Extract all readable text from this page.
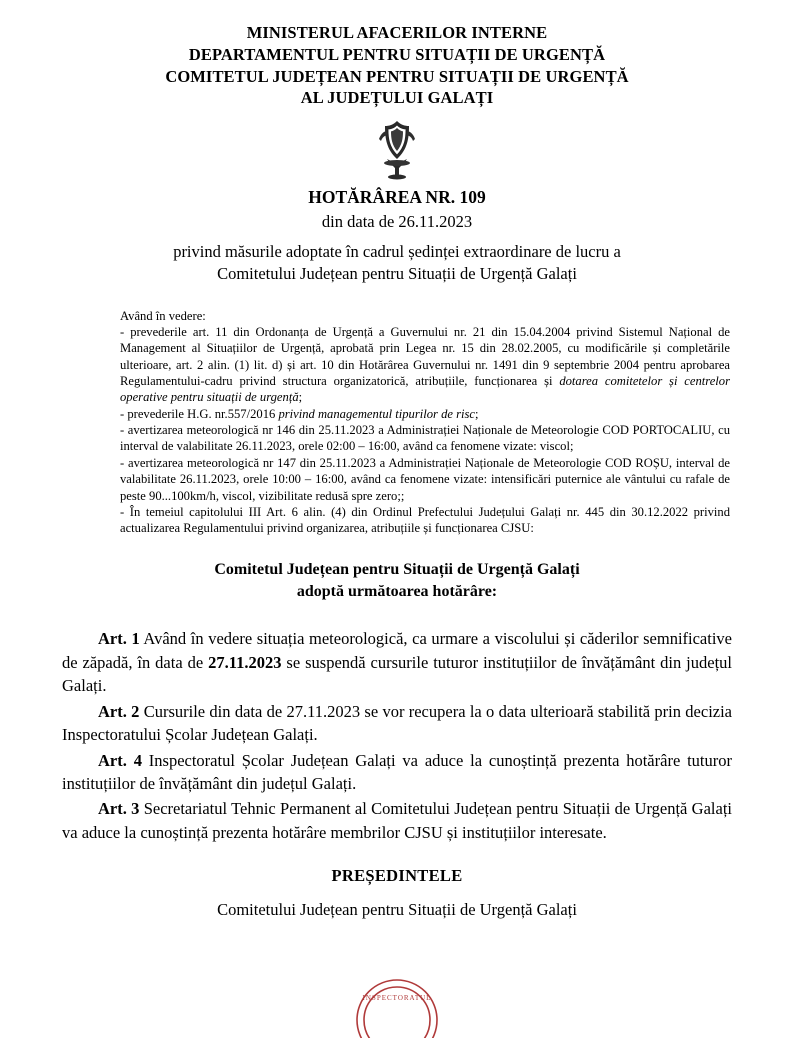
MINISTERUL AFACERILOR INTERNE
DEPARTAMENTUL PENTRU SITUAȚII DE URGENȚĂ
COMITETUL JUDEȚEAN PENTRU SITUAȚII DE URGENȚĂ
AL JUDEȚULUI GALAȚI
HOTĂRÂREA NR. 109
din data de 26.11.2023
privind măsurile adoptate în cadrul ședinței extraordinare de lucru a
Comitetului Județean pentru Situații de Urgență Galați

Având în vedere:

- prevederile art. 11 din Ordonanța de Urgență a Guvernului nr. 21 din 15.04.2004 privind Sistemul Național de Management al Situațiilor de Urgență, aprobată prin Legea nr. 15 din 28.02.2005, cu modificările și completările ulterioare, art. 2 alin. (1) lit. d) și art. 10 din Hotărârea Guvernului nr. 1491 din 9 septembrie 2004 pentru aprobarea Regulamentului-cadru privind structura organizatorică, atribuțiile, funcționarea și dotarea comitetelor și centrelor operative pentru situații de urgență;

- prevederile H.G. nr.557/2016 privind managementul tipurilor de risc;

- avertizarea meteorologică nr 146 din 25.11.2023 a Administrației Naționale de Meteorologie COD PORTOCALIU, cu interval de valabilitate 26.11.2023, orele 02:00 – 16:00, având ca fenomene vizate: viscol;

- avertizarea meteorologică nr 147 din 25.11.2023 a Administrației Naționale de Meteorologie COD ROȘU, interval de valabilitate 26.11.2023, orele 10:00 – 16:00, având ca fenomene vizate: intensificări puternice ale vântului cu rafale de peste 90...100km/h, viscol, vizibilitate redusă spre zero;;

- În temeiul capitolului III Art. 6 alin. (4) din Ordinul Prefectului Județului Galați nr. 445 din 30.12.2022 privind actualizarea Regulamentului privind organizarea, atribuțiile și funcționarea CJSU:

Comitetul Județean pentru Situații de Urgență Galați
adoptă următoarea hotărâre:

Art. 1 Având în vedere situația meteorologică, ca urmare a viscolului și căderilor semnificative de zăpadă, în data de 27.11.2023 se suspendă cursurile tuturor instituțiilor de învățământ din județul Galați.

Art. 2 Cursurile din data de 27.11.2023 se vor recupera la o data ulterioară stabilită prin decizia Inspectoratului Școlar Județean Galați.

Art. 4 Inspectoratul Școlar Județean Galați va aduce la cunoștință prezenta hotărâre tuturor instituțiilor de învățământ din județul Galați.

Art. 3 Secretariatul Tehnic Permanent al Comitetului Județean pentru Situații de Urgență Galați va aduce la cunoștință prezenta hotărâre membrilor CJSU și instituțiilor interesate.

PREȘEDINTELE
Comitetului Județean pentru Situații de Urgență Galați
INSPECTORATUL
